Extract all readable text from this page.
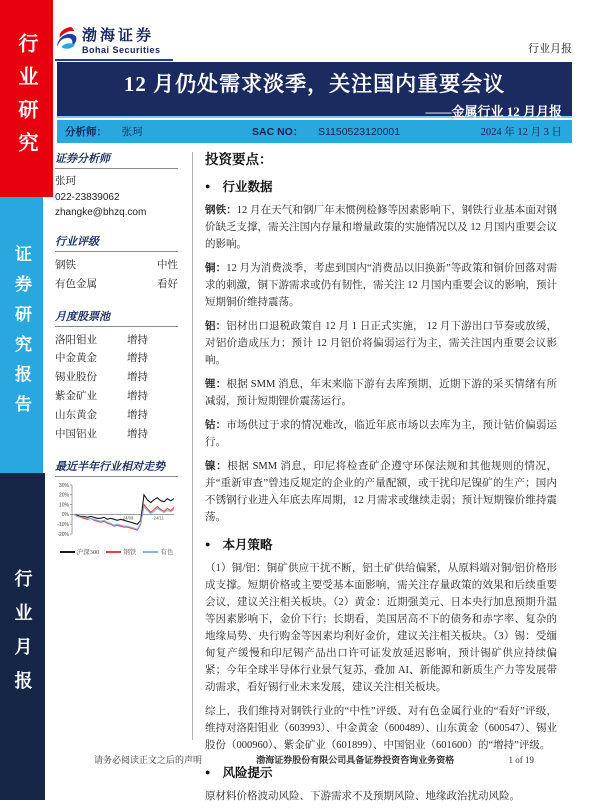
行业研究
证券研究报告
行业月报
渤海证券
Bohai Securities	行业月报
12 月仍处需求淡季，关注国内重要会议
——金属行业 12 月月报
分析师： 张珂	SAC NO： S1150523120001	2024 年 12 月 3 日
证券分析师
张珂
022-23839062
zhangke@bhzq.com
行业评级
钢铁	中性
有色金属	看好
月度股票池
洛阳钼业	增持
中金黄金	增持
锡业股份	增持
紫金矿业	增持
山东黄金	增持
中国铝业	增持
最近半年行业相对走势
30%
20%
10%
0%
-10%
-20%
24/09	24/11
沪深300	钢铁	有色
投资要点：
● 行业数据

钢铁：12 月在天气和钢厂年末惯例检修等因素影响下，钢铁行业基本面对钢价缺乏支撑，需关注国内存量和增量政策的实施情况以及 12 月国内重要会议的影响。

铜：12 月为消费淡季，考虑到国内“消费品以旧换新”等政策和铜价回落对需求的刺激，铜下游需求或仍有韧性，需关注 12 月国内重要会议的影响，预计短期铜价维持震荡。

铝：铝材出口退税政策自 12 月 1 日正式实施， 12 月下游出口节奏或放缓，对铝价造成压力；预计 12 月铝价将偏弱运行为主，需关注国内重要会议影响。

锂：根据 SMM 消息，年末来临下游有去库预期，近期下游的采买情绪有所减弱，预计短期锂价震荡运行。

钴：市场供过于求的情况难改，临近年底市场以去库为主，预计钴价偏弱运行。

镍：根据 SMM 消息，印尼将检查矿企遵守环保法规和其他规则的情况，并“重新审查”曾违反规定的企业的产量配额，或干扰印尼镍矿的生产；国内不锈钢行业进入年底去库周期，12 月需求或继续走弱；预计短期镍价维持震荡。

● 本月策略

（1）铜/铝：铜矿供应干扰不断，铝土矿供给偏紧，从原料端对铜/铝价格形成支撑。短期价格或主要受基本面影响，需关注存量政策的效果和后续重要会议，建议关注相关板块。（2）黄金：近期强美元、日本央行加息预期升温等因素影响下，金价下行；长期看，美国居高不下的债务和赤字率、复杂的地缘局势、央行购金等因素均利好金价，建议关注相关板块。（3）锡：受缅甸复产缓慢和印尼锡产品出口许可证发放延迟影响，预计锡矿供应持续偏紧；今年全球半导体行业景气复苏，叠加 AI、新能源和新质生产力等发展带动需求，看好锡行业未来发展，建议关注相关板块。

综上，我们维持对钢铁行业的“中性”评级、对有色金属行业的“看好”评级，维持对洛阳钼业（603993）、中金黄金（600489）、山东黄金（600547）、锡业股份（000960）、紫金矿业（601899）、中国铝业（601600）的“增持”评级。

● 风险提示

原材料价格波动风险、下游需求不及预期风险、地缘政治扰动风险。

请务必阅读正文之后的声明	渤海证券股份有限公司具备证券投资咨询业务资格	1 of 19
